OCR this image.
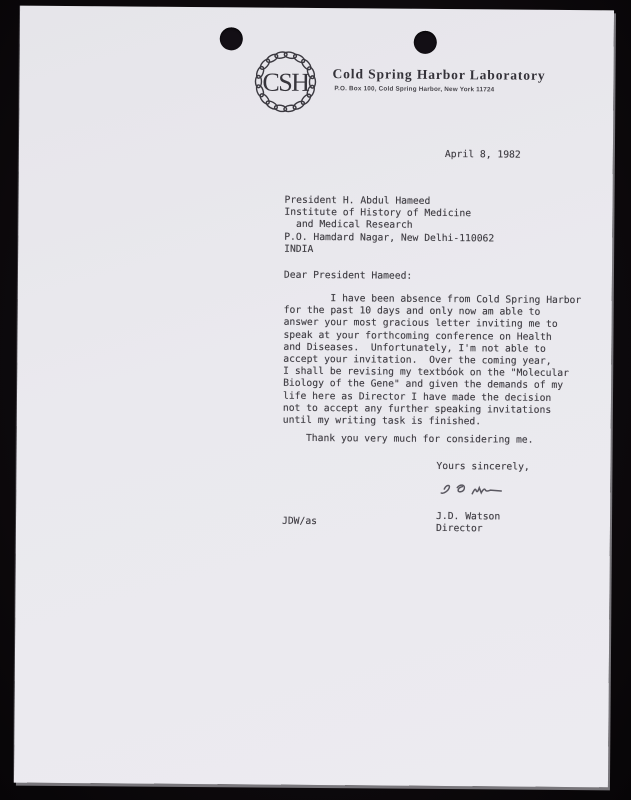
CSH Cold Spring Harbor Laboratory
P.O. Box 100, Cold Spring Harbor, New York 11724
April 8, 1982
President H. Abdul Hameed
Institute of History of Medicine
and Medical Research
P.O. Hamdard Nagar, New Delhi-110062
INDIA
Dear President Hameed:
I have been absence from Cold Spring Harbor
for the past 10 days and only now am able to
answer your most gracious letter inviting me to
speak at your forthcoming conference on Health
and Diseases.  Unfortunately, I'm not able to
accept your invitation.  Over the coming year,
I shall be revising my textbóok on the "Molecular
Biology of the Gene" and given the demands of my
life here as Director I have made the decision
not to accept any further speaking invitations
until my writing task is finished.
Thank you very much for considering me.
Yours sincerely,
J.D. Watson
Director
JDW/as
